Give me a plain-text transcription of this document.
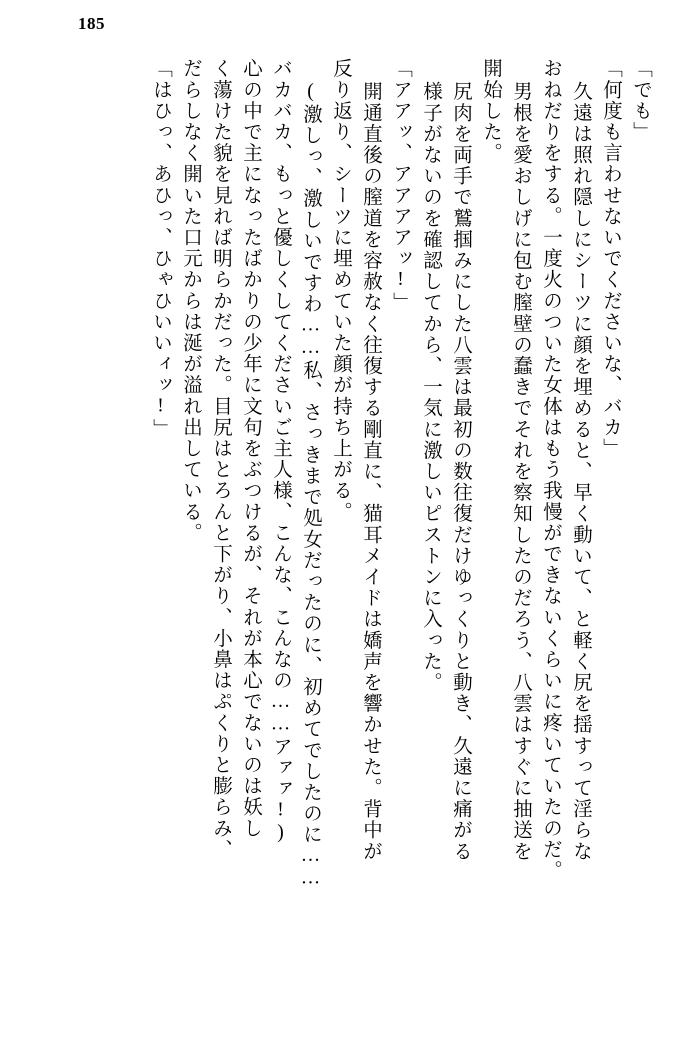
185
「でも」
「何度も言わせないでくださいな、バカ」
久遠は照れ隠しにシーツに顔を埋めると、早く動いて、と軽く尻を揺すって淫らな
おねだりをする。一度火のついた女体はもう我慢ができないくらいに疼いていたのだ。
男根を愛おしげに包む膣壁の蠢きでそれを察知したのだろう、八雲はすぐに抽送を
開始した。
尻肉を両手で鷲掴みにした八雲は最初の数往復だけゆっくりと動き、久遠に痛がる
様子がないのを確認してから、一気に激しいピストンに入った。
「アアッ、アアアアッ!」
開通直後の膣道を容赦なく往復する剛直に、猫耳メイドは嬌声を響かせた。背中が
反り返り、シーツに埋めていた顔が持ち上がる。
(激しっ、激しいですわ……私、さっきまで処女だったのに、初めてでしたのに……
バカバカ、もっと優しくしてくださいご主人様、こんな、こんなの……アァァ!)
心の中で主になったばかりの少年に文句をぶつけるが、それが本心でないのは妖し
く蕩けた貌を見れば明らかだった。目尻はとろんと下がり、小鼻はぷくりと膨らみ、
だらしなく開いた口元からは涎が溢れ出している。
「はひっ、あひっ、ひゃひいいィッ!」
